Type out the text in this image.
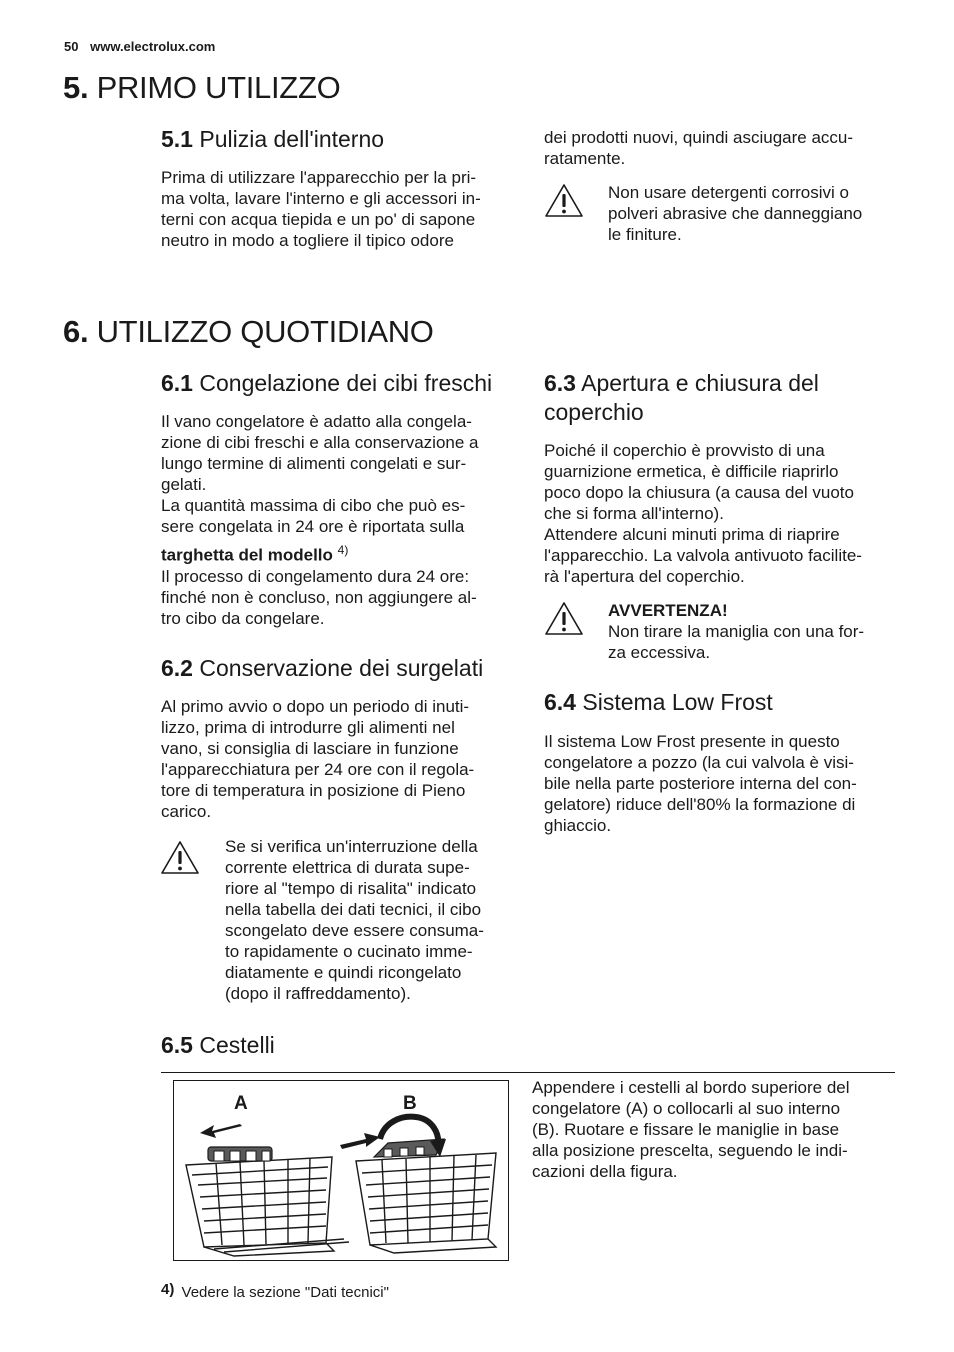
50 www.electrolux.com
5. PRIMO UTILIZZO
5.1 Pulizia dell'interno

Prima di utilizzare l'apparecchio per la pri-

ma volta, lavare l'interno e gli accessori in-

terni con acqua tiepida e un po' di sapone

neutro in modo a togliere il tipico odore

dei prodotti nuovi, quindi asciugare accu-

ratamente.

Non usare detergenti corrosivi o

polveri abrasive che danneggiano

le finiture.

6. UTILIZZO QUOTIDIANO
6.1 Congelazione dei cibi freschi

Il vano congelatore è adatto alla congela-

zione di cibi freschi e alla conservazione a

lungo termine di alimenti congelati e sur-

gelati.

La quantità massima di cibo che può es-

sere congelata in 24 ore è riportata sulla

targhetta del modello $^{4)}$

Il processo di congelamento dura 24 ore:

finché non è concluso, non aggiungere al-

tro cibo da congelare.

6.2 Conservazione dei surgelati

Al primo avvio o dopo un periodo di inuti-

lizzo, prima di introdurre gli alimenti nel

vano, si consiglia di lasciare in funzione

l'apparecchiatura per 24 ore con il regola-

tore di temperatura in posizione di Pieno

carico.

Se si verifica un'interruzione della

corrente elettrica di durata supe-

riore al "tempo di risalita" indicato

nella tabella dei dati tecnici, il cibo

scongelato deve essere consuma-

to rapidamente o cucinato imme-

diatamente e quindi ricongelato

(dopo il raffreddamento).

6.3 Apertura e chiusura del
coperchio

Poiché il coperchio è provvisto di una

guarnizione ermetica, è difficile riaprirlo

poco dopo la chiusura (a causa del vuoto

che si forma all'interno).

Attendere alcuni minuti prima di riaprire

l'apparecchio. La valvola antivuoto facilite-

rà l'apertura del coperchio.

AVVERTENZA!

Non tirare la maniglia con una for-

za eccessiva.

6.4 Sistema Low Frost

Il sistema Low Frost presente in questo

congelatore a pozzo (la cui valvola è visi-

bile nella parte posteriore interna del con-

gelatore) riduce dell'80% la formazione di

ghiaccio.

6.5 Cestelli
A	B

Appendere i cestelli al bordo superiore del

congelatore (A) o collocarli al suo interno

(B). Ruotare e fissare le maniglie in base

alla posizione prescelta, seguendo le indi-

cazioni della figura.

4) Vedere la sezione "Dati tecnici"
